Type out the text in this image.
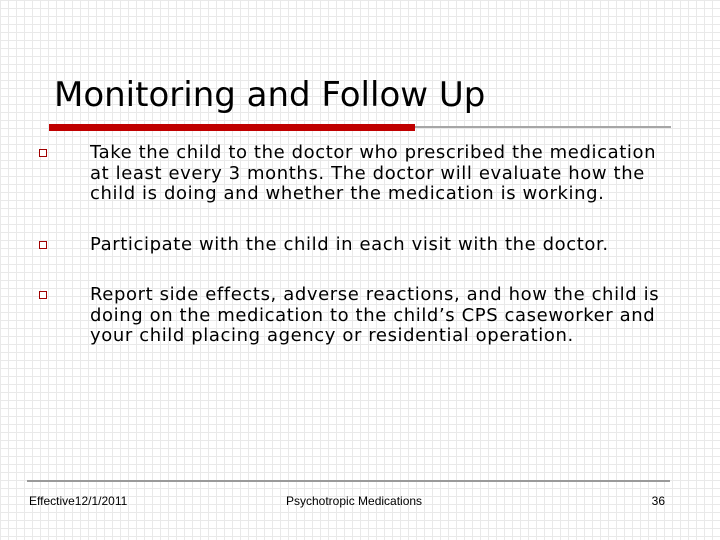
Monitoring and Follow Up
Take the child to the doctor who prescribed the medication at least every 3 months. The doctor will evaluate how the child is doing and whether the medication is working.
Participate with the child in each visit with the doctor.
Report side effects, adverse reactions, and how the child is doing on the medication to the child’s CPS caseworker and your child placing agency or residential operation.
Effective12/1/2011	Psychotropic Medications	36
